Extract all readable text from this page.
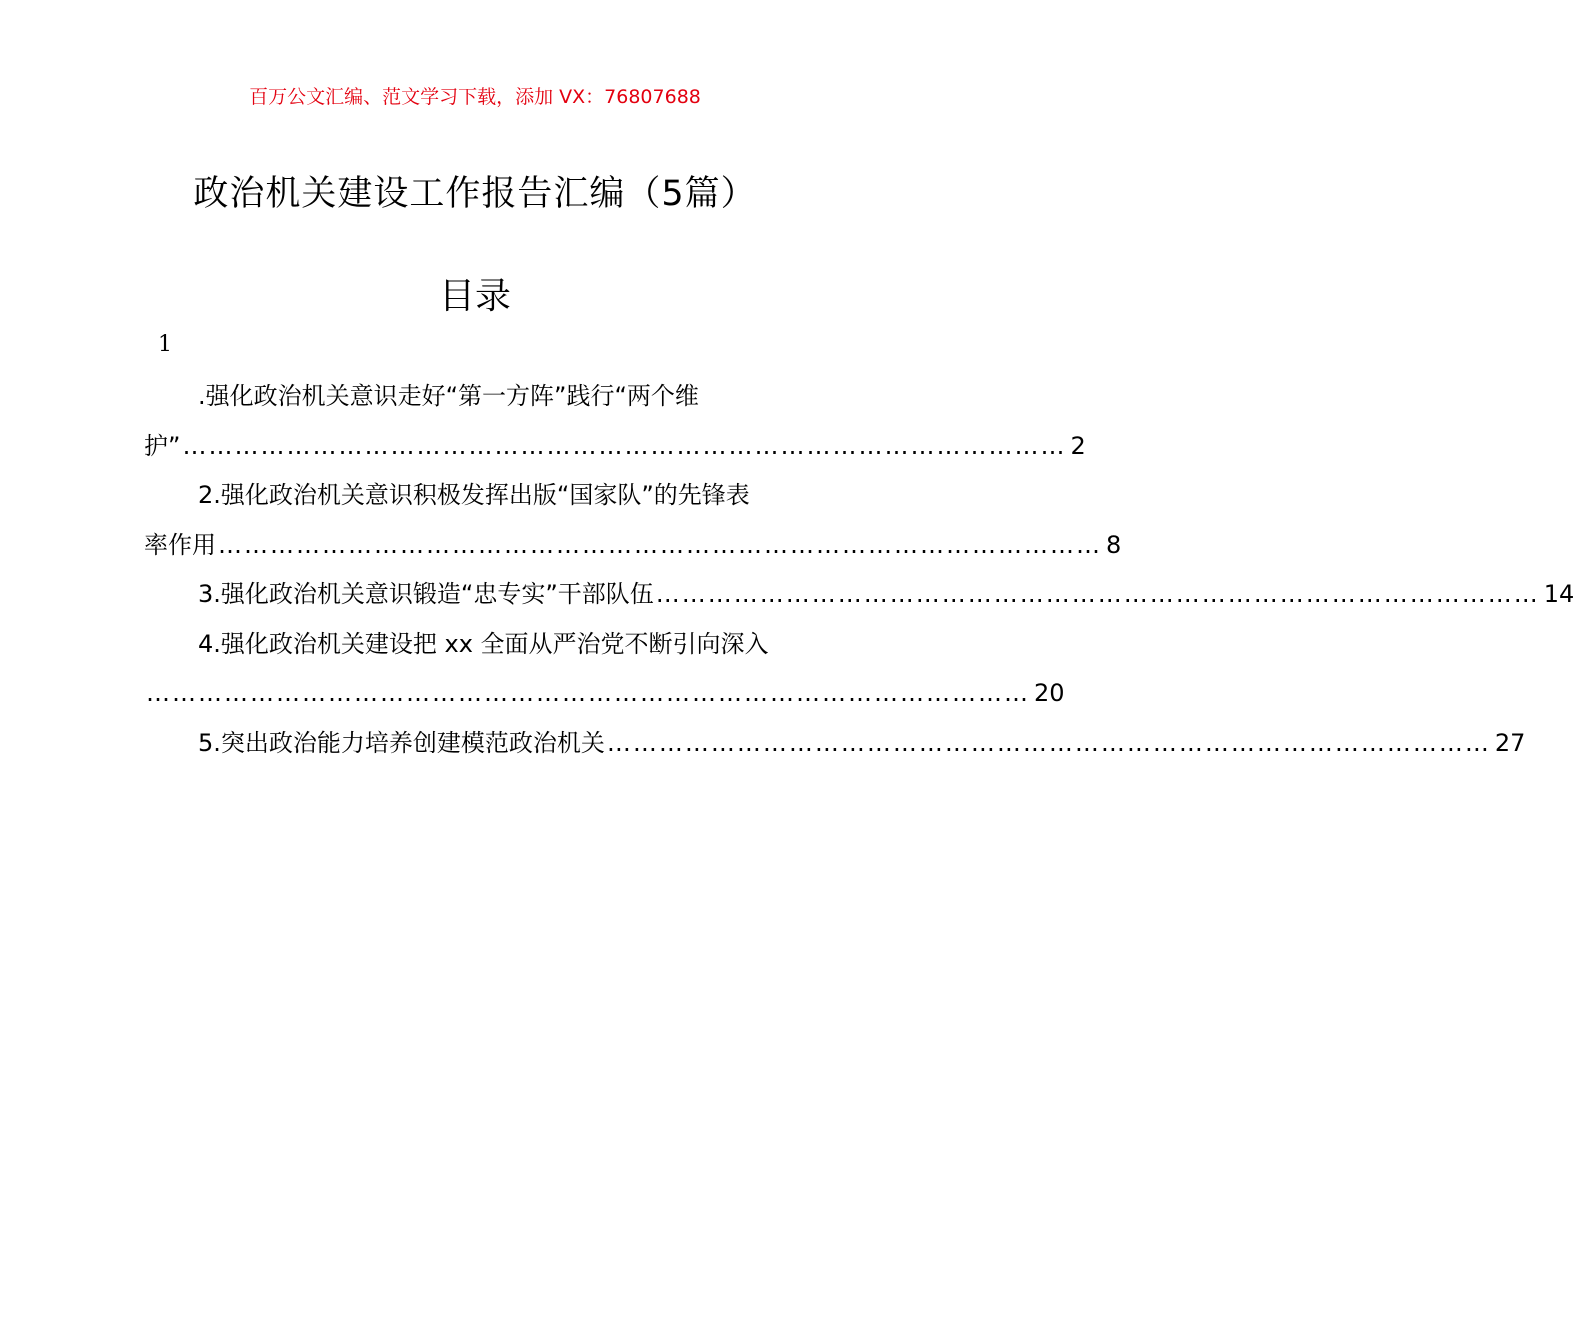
百万公文汇编、范文学习下载，添加 VX：76807688
政治机关建设工作报告汇编（5篇）
目录
1
.强化政治机关意识走好“第一方阵”践行“两个维
护” ………………………………………………………………………………………… 2
2.强化政治机关意识积极发挥出版“国家队”的先锋表
率作用 ………………………………………………………………………………………… 8
3.强化政治机关意识锻造“忠专实”干部队伍 ………………………………………………………………………………………… 14
4.强化政治机关建设把 xx 全面从严治党不断引向深入
………………………………………………………………………………………… 20
5.突出政治能力培养创建模范政治机关 ………………………………………………………………………………………… 27
